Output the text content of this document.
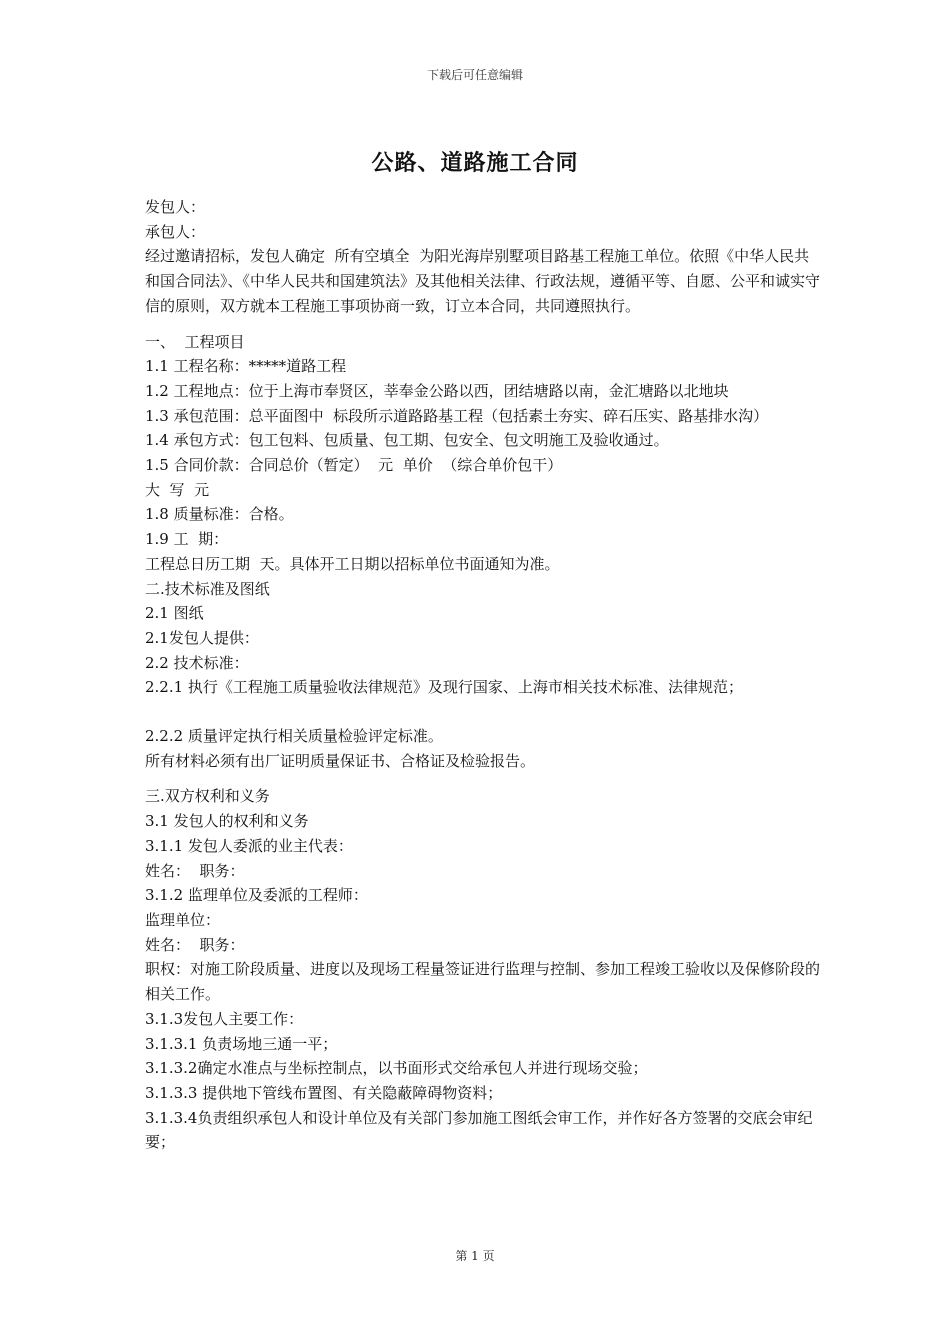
下载后可任意编辑
公路、道路施工合同
发包人：
承包人：
经过邀请招标，发包人确定  所有空填全  为阳光海岸别墅项目路基工程施工单位。依照《中华人民共和国合同法》、《中华人民共和国建筑法》及其他相关法律、行政法规，遵循平等、自愿、公平和诚实守信的原则，双方就本工程施工事项协商一致，订立本合同，共同遵照执行。
一、  工程项目
1.1 工程名称：*****道路工程
1.2 工程地点：位于上海市奉贤区，莘奉金公路以西，团结塘路以南，金汇塘路以北地块
1.3 承包范围：总平面图中  标段所示道路路基工程（包括素土夯实、碎石压实、路基排水沟）
1.4 承包方式：包工包料、包质量、包工期、包安全、包文明施工及验收通过。
1.5 合同价款：合同总价（暂定）  元  单价  （综合单价包干）
大  写  元
1.8 质量标准：合格。
1.9 工  期：
工程总日历工期  天。具体开工日期以招标单位书面通知为准。
二.技术标准及图纸
2.1 图纸
2.1发包人提供：
2.2 技术标准：
2.2.1 执行《工程施工质量验收法律规范》及现行国家、上海市相关技术标准、法律规范；
2.2.2 质量评定执行相关质量检验评定标准。
所有材料必须有出厂证明质量保证书、合格证及检验报告。
三.双方权利和义务
3.1 发包人的权利和义务
3.1.1 发包人委派的业主代表：
姓名：  职务：
3.1.2 监理单位及委派的工程师：
监理单位：
姓名：  职务：
职权：对施工阶段质量、进度以及现场工程量签证进行监理与控制、参加工程竣工验收以及保修阶段的相关工作。
3.1.3发包人主要工作：
3.1.3.1 负责场地三通一平；
3.1.3.2确定水准点与坐标控制点，以书面形式交给承包人并进行现场交验；
3.1.3.3 提供地下管线布置图、有关隐蔽障碍物资料；
3.1.3.4负责组织承包人和设计单位及有关部门参加施工图纸会审工作，并作好各方签署的交底会审纪要；
第 1 页
